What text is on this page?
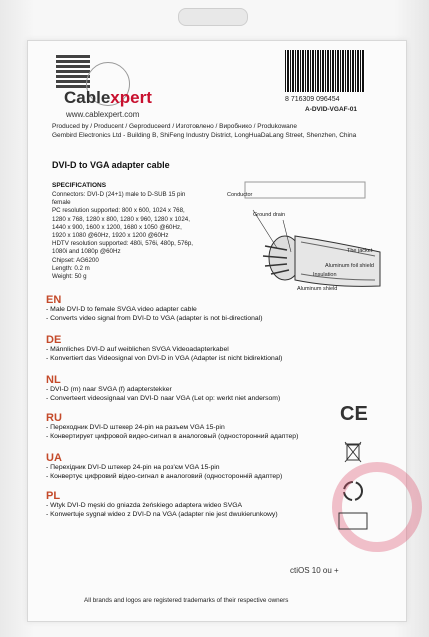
Cablexpert
www.cablexpert.com
Produced by / Producent / Geproduceerd / Изготовлено / Виробнико / Produkowane
Gembird Electronics Ltd - Building B, ShiFeng Industry District, LongHuaDaLang Street, Shenzhen, China
8 716309 096454
A-DVID-VGAF-01
DVI-D to VGA adapter cable
SPECIFICATIONS
Connectors: DVI-D (24+1) male to D-SUB 15 pin
female
PC resolution supported: 800 x 600, 1024 x 768,
1280 x 768, 1280 x 800, 1280 x 960, 1280 x 1024,
1440 x 900, 1600 x 1200, 1680 x 1050 @60Hz,
1920 x 1080 @60Hz, 1920 x 1200 @60Hz
HDTV resolution supported: 480i, 576i, 480p, 576p,
1080i and 1080p @60Hz
Chipset: AG6200
Length: 0.2 m
Weight: 50 g
Conductor
Ground drain
The jacket
Aluminum foil shield
Insulation
Aluminum shield
EN
- Male DVI-D to female SVGA video adapter cable
- Converts video signal from DVI-D to VGA (adapter is not bi-directional)
DE
- Männliches DVI-D auf weiblichen SVGA Videoadapterkabel
- Konvertiert das Videosignal von DVI-D in VGA (Adapter ist nicht bidirektional)
NL
- DVI-D (m) naar SVGA (f) adapterstekker
- Converteert videosignaal van DVI-D naar VGA (Let op: werkt niet andersom)
RU
- Переходник DVI-D штекер 24-pin на разъем VGA 15-pin
- Конвертирует цифровой видео-сигнал в аналоговый (односторонний адаптер)
UA
- Перехідник DVI-D штекер 24-pin на роз'єм VGA 15-pin
- Конвертує цифровий відео-сигнал в аналоговий (односторонній адаптер)
PL
- Wtyk DVI-D męski do gniazda żeńskiego adaptera wideo SVGA
- Konwertuje sygnał wideo z DVI-D na VGA (adapter nie jest dwukierunkowy)
CE
ctiOS 10 ou +
All brands and logos are registered trademarks of their respective owners
